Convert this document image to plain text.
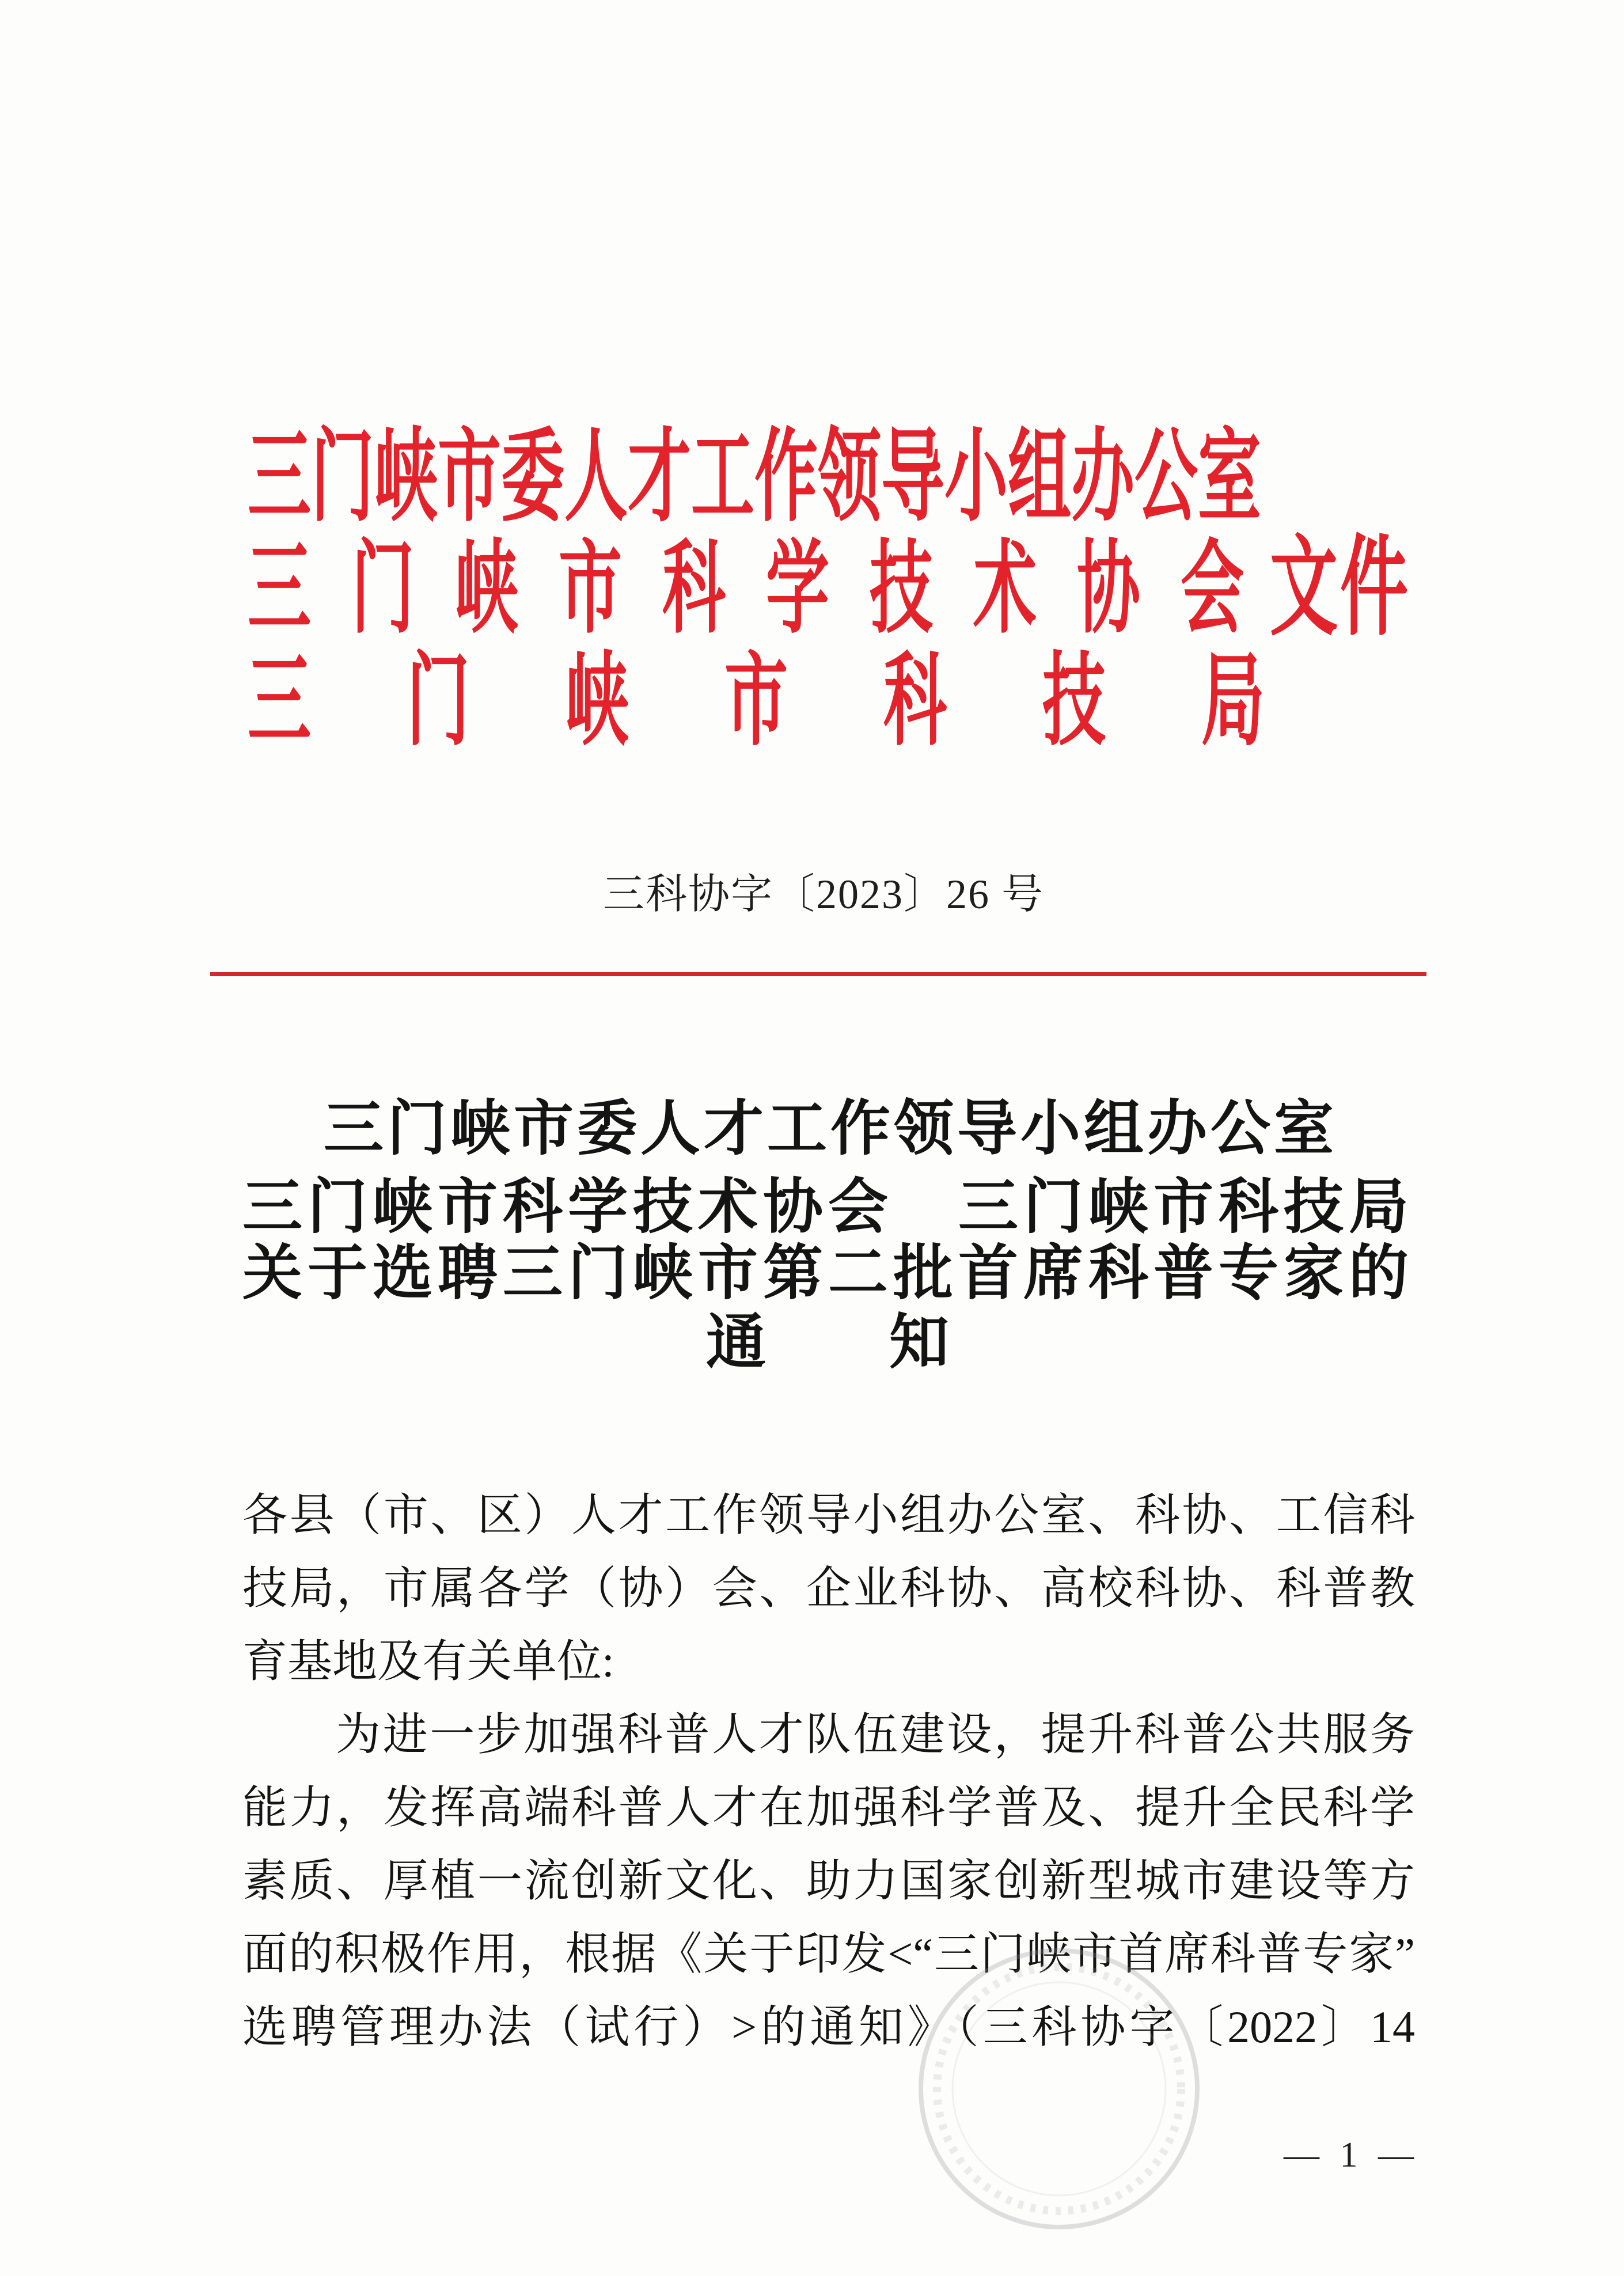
三门峡市委人才工作领导小组办公室
三门峡市科学技术协会
文件
三门峡市科技局
三科协字〔2023〕26 号
三门峡市委人才工作领导小组办公室
三门峡市科学技术协会　三门峡市科技局
关于选聘三门峡市第二批首席科普专家的
通　　知
各县（市、区）人才工作领导小组办公室、科协、工信科
技局，市属各学（协）会、企业科协、高校科协、科普教
育基地及有关单位:
为进一步加强科普人才队伍建设，提升科普公共服务
能力，发挥高端科普人才在加强科学普及、提升全民科学
素质、厚植一流创新文化、助力国家创新型城市建设等方
面的积极作用，根据《关于印发<“三门峡市首席科普专家”
选聘管理办法（试行）>的通知》（三科协字〔2022〕14
— 1 —
